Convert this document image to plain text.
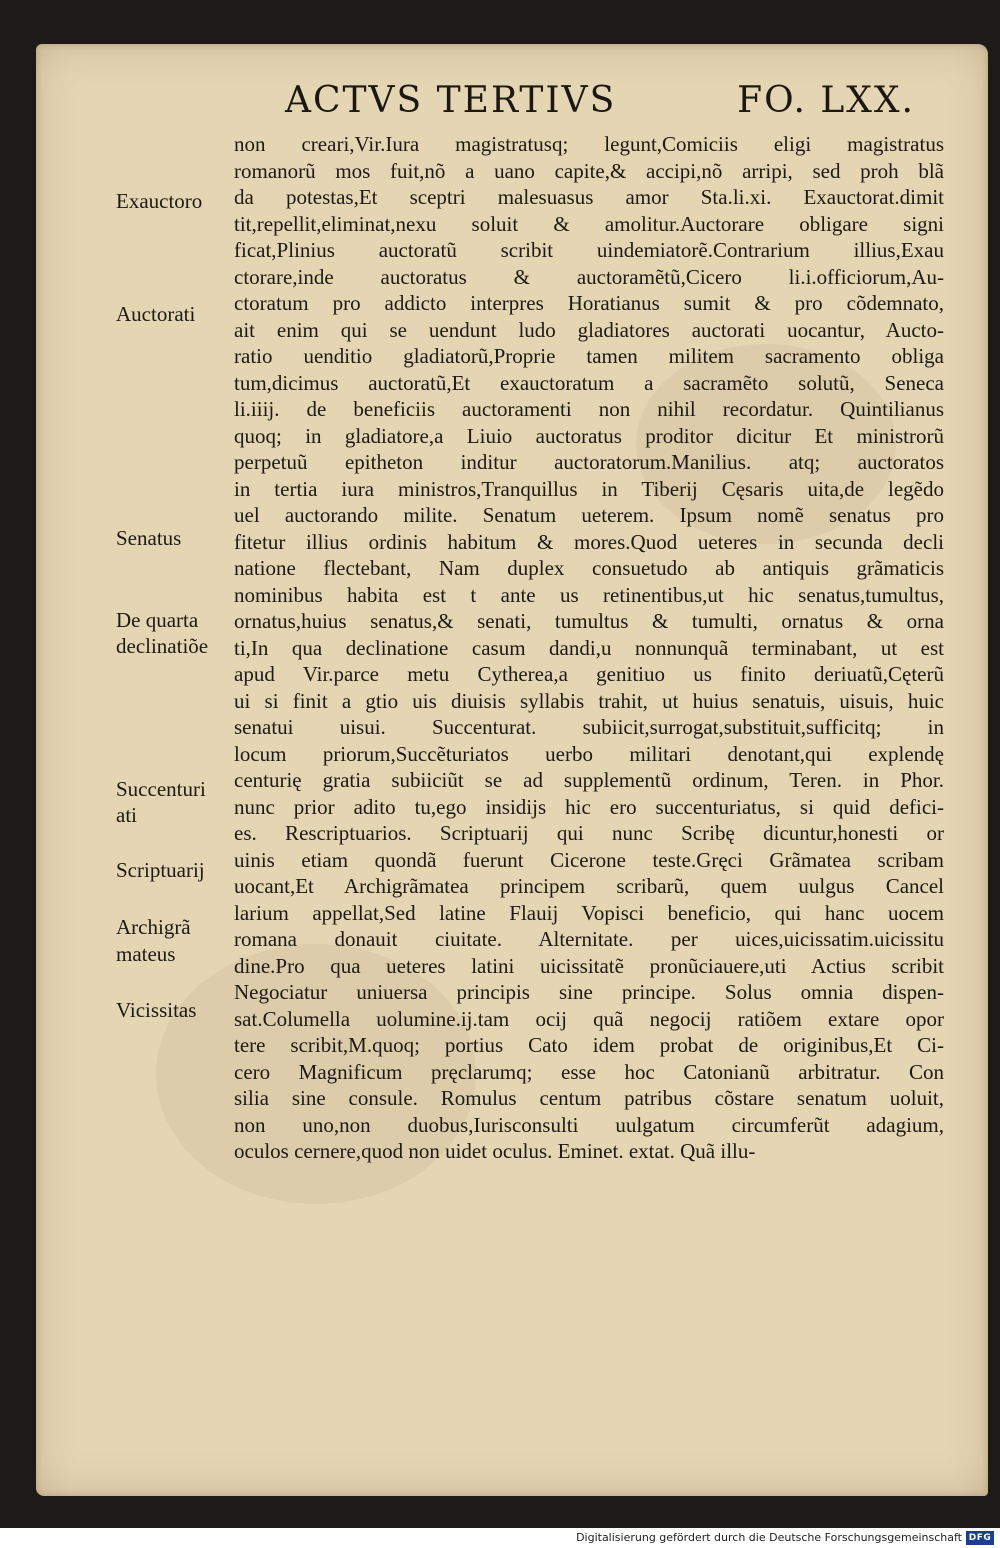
ACTVS TERTIVS	FO. LXX.
Exauctoro
Auctorati
Senatus
De quarta
declinatiõe
Succenturi
ati
Scriptuarij
Archigrã
mateus
Vicissitas
non creari,Vir.Iura magistratusq; legunt,Comiciis eligi magistratus
romanorũ mos fuit,nõ a uano capite,& accipi,nõ arripi, sed proh blã
da potestas,Et sceptri malesuasus amor Sta.li.xi. Exauctorat.dimit
tit,repellit,eliminat,nexu soluit & amolitur.Auctorare obligare signi
ficat,Plinius auctoratũ scribit uindemiatorẽ.Contrarium illius,Exau
ctorare,inde auctoratus & auctoramẽtũ,Cicero li.i.officiorum,Au-
ctoratum pro addicto interpres Horatianus sumit & pro cõdemnato,
ait enim qui se uendunt ludo gladiatores auctorati uocantur, Aucto-
ratio uenditio gladiatorũ,Proprie tamen militem sacramento obliga
tum,dicimus auctoratũ,Et exauctoratum a sacramẽto solutũ, Seneca
li.iiij. de beneficiis auctoramenti non nihil recordatur. Quintilianus
quoq; in gladiatore,a Liuio auctoratus proditor dicitur Et ministrorũ
perpetuũ epitheton inditur auctoratorum.Manilius. atq; auctoratos
in tertia iura ministros,Tranquillus in Tiberij Cęsaris uita,de legẽdo
uel auctorando milite. Senatum ueterem. Ipsum nomẽ senatus pro
fitetur illius ordinis habitum & mores.Quod ueteres in secunda decli
natione flectebant, Nam duplex consuetudo ab antiquis grãmaticis
nominibus habita est t ante us retinentibus,ut hic senatus,tumultus,
ornatus,huius senatus,& senati, tumultus & tumulti, ornatus & orna
ti,In qua declinatione casum dandi,u nonnunquã terminabant, ut est
apud Vir.parce metu Cytherea,a genitiuo us finito deriuatũ,Cęterũ
ui si finit a gtio uis diuisis syllabis trahit, ut huius senatuis, uisuis, huic
senatui uisui. Succenturat. subiicit,surrogat,substituit,sufficitq; in
locum priorum,Succẽturiatos uerbo militari denotant,qui explendę
centurię gratia subiiciũt se ad supplementũ ordinum, Teren. in Phor.
nunc prior adito tu,ego insidijs hic ero succenturiatus, si quid defici-
es. Rescriptuarios. Scriptuarij qui nunc Scribę dicuntur,honesti or
uinis etiam quondã fuerunt Cicerone teste.Gręci Grãmatea scribam
uocant,Et Archigrãmatea principem scribarũ, quem uulgus Cancel
larium appellat,Sed latine Flauij Vopisci beneficio, qui hanc uocem
romana donauit ciuitate. Alternitate. per uices,uicissatim.uicissitu
dine.Pro qua ueteres latini uicissitatẽ pronũciauere,uti Actius scribit
Negociatur uniuersa principis sine principe. Solus omnia dispen-
sat.Columella uolumine.ij.tam ocij quã negocij ratiõem extare opor
tere scribit,M.quoq; portius Cato idem probat de originibus,Et Ci-
cero Magnificum pręclarumq; esse hoc Catonianũ arbitratur. Con
silia sine consule. Romulus centum patribus cõstare senatum uoluit,
non uno,non duobus,Iurisconsulti uulgatum circumferũt adagium,
oculos cernere,quod non uidet oculus. Eminet. extat. Quã illu-
Digitalisierung gefördert durch die Deutsche Forschungsgemeinschaft DFG
